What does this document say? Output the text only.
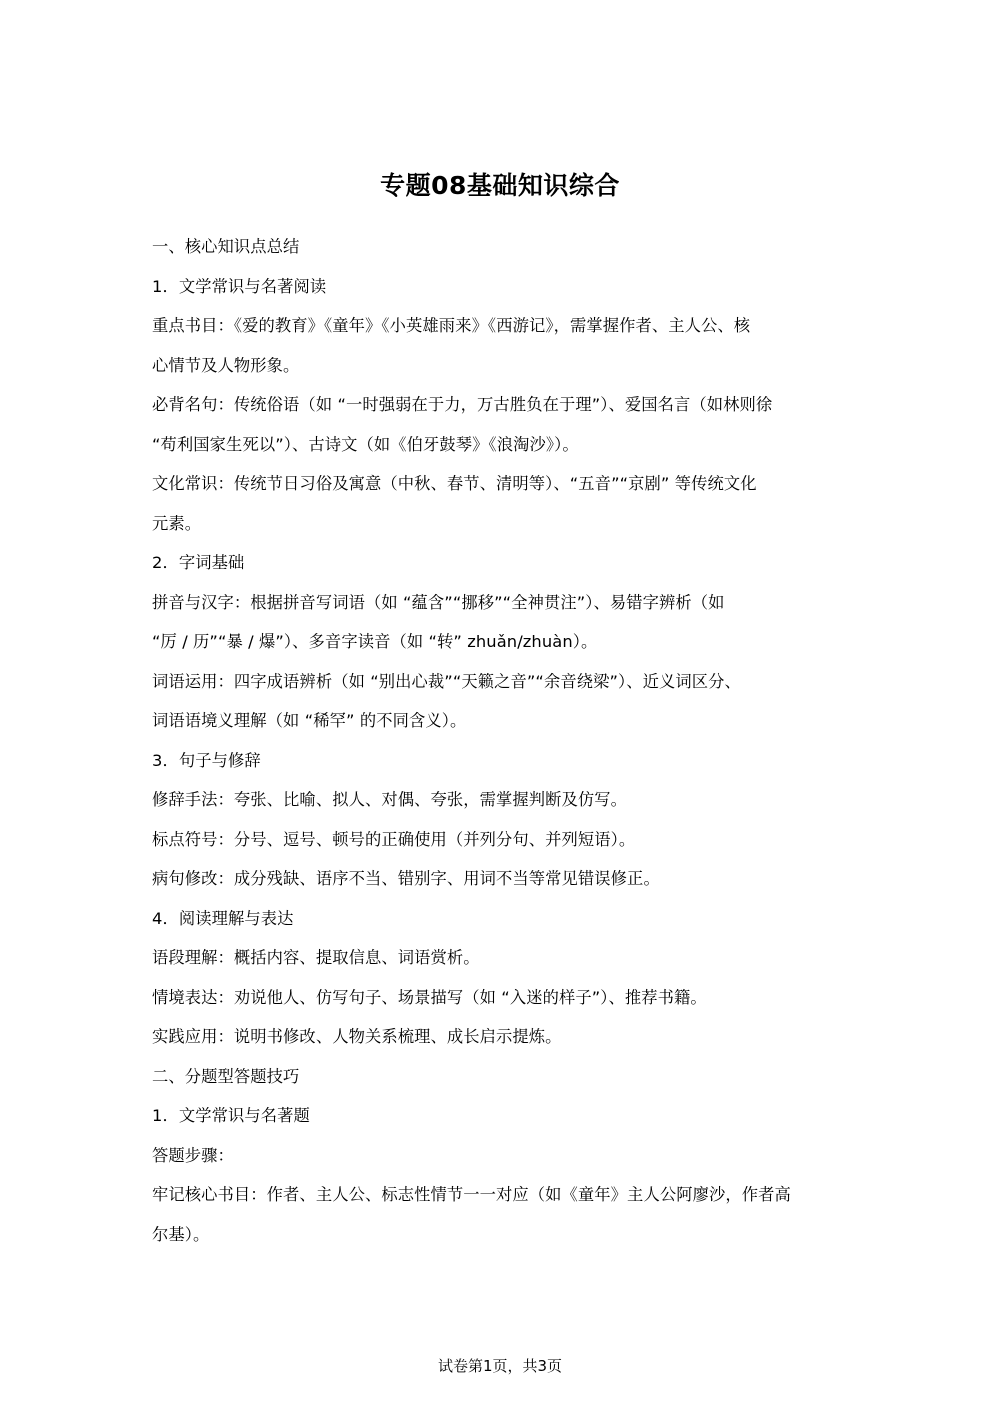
专题08基础知识综合
一、核心知识点总结
1．文学常识与名著阅读
重点书目：《爱的教育》《童年》《小英雄雨来》《西游记》，需掌握作者、主人公、核
心情节及人物形象。
必背名句：传统俗语（如 “一时强弱在于力，万古胜负在于理”）、爱国名言（如林则徐
“苟利国家生死以”）、古诗文（如《伯牙鼓琴》《浪淘沙》）。
文化常识：传统节日习俗及寓意（中秋、春节、清明等）、“五音”“京剧” 等传统文化
元素。
2．字词基础
拼音与汉字：根据拼音写词语（如 “蕴含”“挪移”“全神贯注”）、易错字辨析（如
“厉 / 历”“暴 / 爆”）、多音字读音（如 “转” zhuǎn/zhuàn）。
词语运用：四字成语辨析（如 “别出心裁”“天籁之音”“余音绕梁”）、近义词区分、
词语语境义理解（如 “稀罕” 的不同含义）。
3．句子与修辞
修辞手法：夸张、比喻、拟人、对偶、夸张，需掌握判断及仿写。
标点符号：分号、逗号、顿号的正确使用（并列分句、并列短语）。
病句修改：成分残缺、语序不当、错别字、用词不当等常见错误修正。
4．阅读理解与表达
语段理解：概括内容、提取信息、词语赏析。
情境表达：劝说他人、仿写句子、场景描写（如 “入迷的样子”）、推荐书籍。
实践应用：说明书修改、人物关系梳理、成长启示提炼。
二、分题型答题技巧
1．文学常识与名著题
答题步骤：
牢记核心书目：作者、主人公、标志性情节一一对应（如《童年》主人公阿廖沙，作者高
尔基）。
试卷第1页，共3页
